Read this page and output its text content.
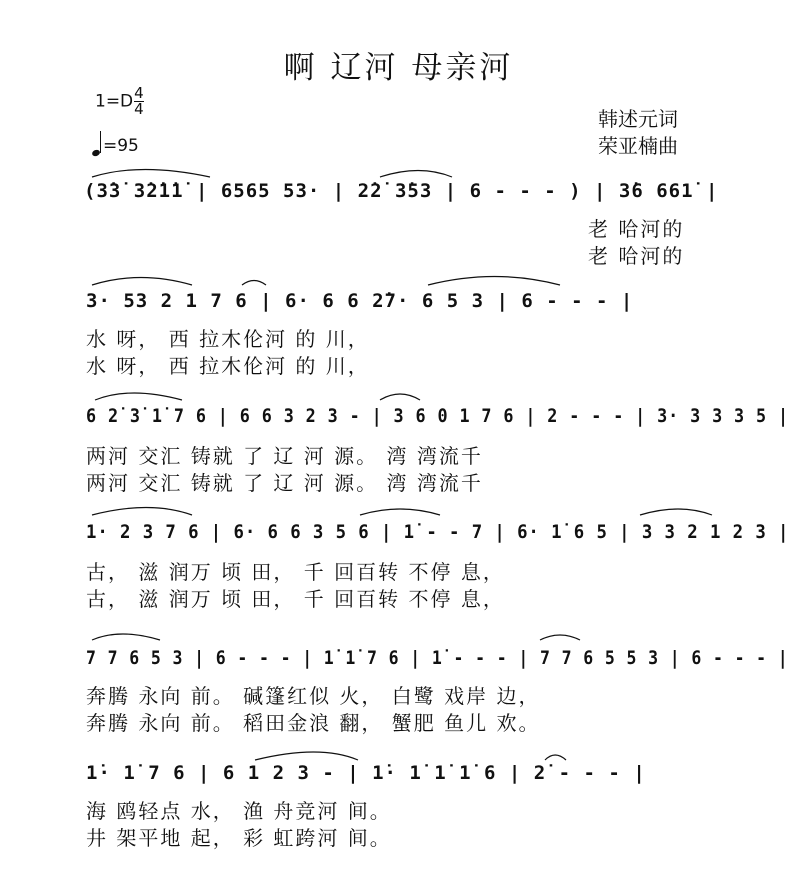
啊 辽河 母亲河
$1=D \frac{4}{4}$
=95
韩述元词
荣亚楠曲
(3̇3̇ 3̇2̇1̇1̇ | 6565 53· | 2̇2̇ 3̇53 | 6 - - - ) | 3̇6 661̇ |
老 哈河的
老 哈河的
3· 53 2 1 7 6 | 6· 6 6 2̇7· 6 5 3 | 6 - - - |
水 呀， 西 拉木伦河 的 川，
水 呀， 西 拉木伦河 的 川，
6 2̇ 3̇ 1̇ 7 6 | 6 6 3 2 3 - | 3 6 0 1 7 6 | 2 - - - | 3· 3 3 3 5 |
两河 交汇 铸就 了 辽 河 源。 湾 湾流千
两河 交汇 铸就 了 辽 河 源。 湾 湾流千
1· 2 3 7 6 | 6· 6 6 3 5 6 | 1̇ - - 7 | 6· 1̇ 6 5 | 3 3 2 1 2 3 |
古， 滋 润万 顷 田， 千 回百转 不停 息，
古， 滋 润万 顷 田， 千 回百转 不停 息，
7 7 6 5 3 | 6 - - - | 1̇ 1̇ 7 6 | 1̇ - - - | 7 7 6 5 5 3 | 6 - - - |
奔腾 永向 前。 碱篷红似 火， 白鹭 戏岸 边，
奔腾 永向 前。 稻田金浪 翻， 蟹肥 鱼儿 欢。
1̇· 1̇ 7 6 | 6 1 2 3 - | 1̇· 1̇ 1̇ 1̇ 6 | 2̇ - - - |
海 鸥轻点 水， 渔 舟竞河 间。
井 架平地 起， 彩 虹跨河 间。
